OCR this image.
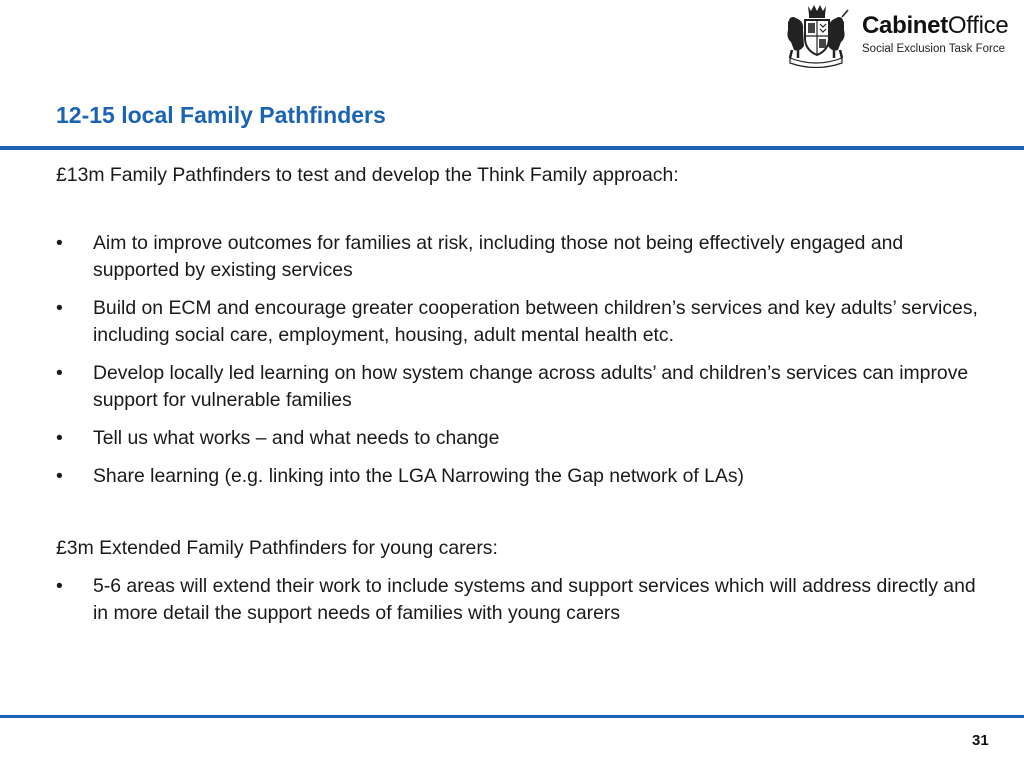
CabinetOffice
Social Exclusion Task Force
12-15 local Family Pathfinders

£13m Family Pathfinders to test and develop the Think Family approach:

• Aim to improve outcomes for families at risk, including those not being effectively engaged and supported by existing services
• Build on ECM and encourage greater cooperation between children’s services and key adults’ services, including social care, employment, housing, adult mental health etc.
• Develop locally led learning on how system change across adults’ and children’s services can improve support for vulnerable families
• Tell us what works – and what needs to change
• Share learning (e.g. linking into the LGA Narrowing the Gap network of LAs)

£3m Extended Family Pathfinders for young carers:

• 5-6 areas will extend their work to include systems and support services which will address directly and in more detail the support needs of families with young carers
31
